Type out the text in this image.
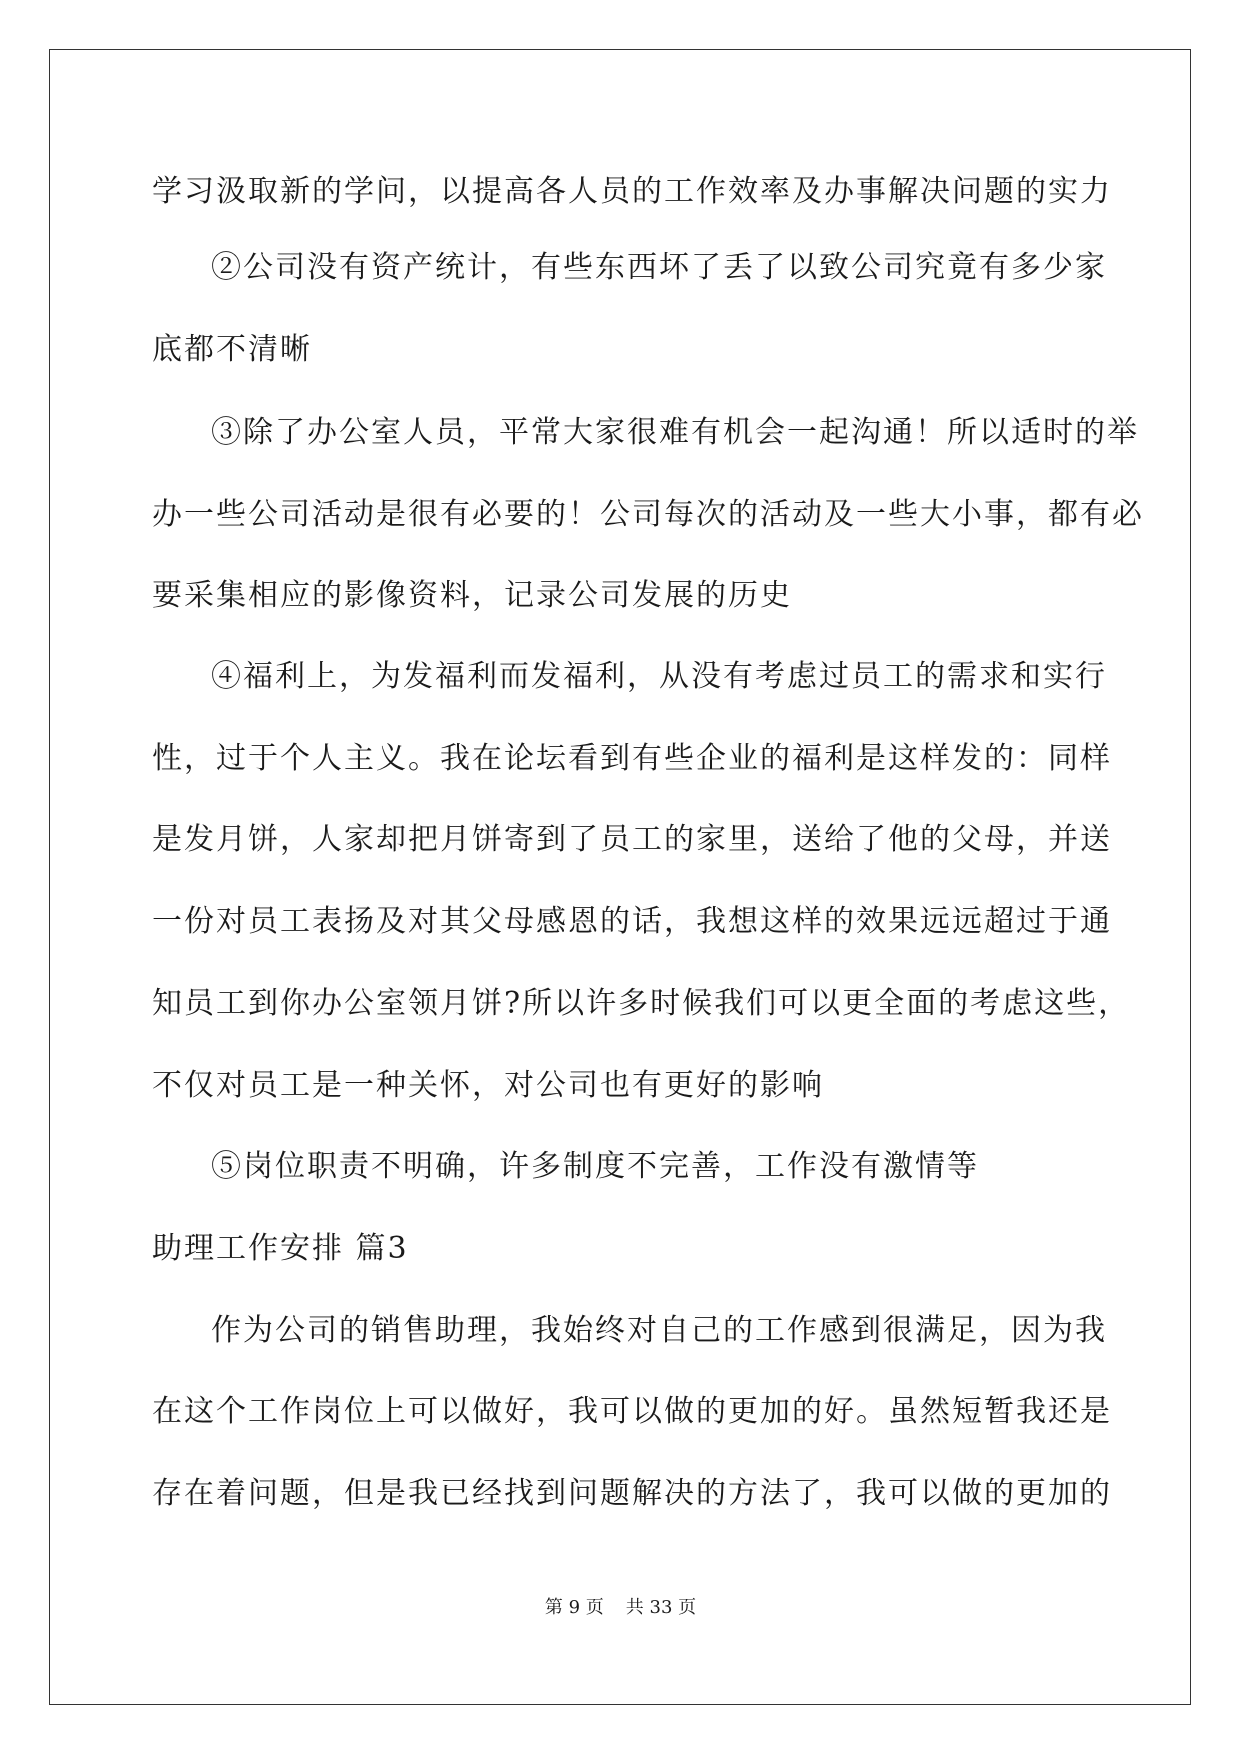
学习汲取新的学问，以提高各人员的工作效率及办事解决问题的实力
②公司没有资产统计，有些东西坏了丢了以致公司究竟有多少家
底都不清晰
③除了办公室人员，平常大家很难有机会一起沟通！所以适时的举
办一些公司活动是很有必要的！公司每次的活动及一些大小事，都有必
要采集相应的影像资料，记录公司发展的历史
④福利上，为发福利而发福利，从没有考虑过员工的需求和实行
性，过于个人主义。我在论坛看到有些企业的福利是这样发的：同样
是发月饼，人家却把月饼寄到了员工的家里，送给了他的父母，并送
一份对员工表扬及对其父母感恩的话，我想这样的效果远远超过于通
知员工到你办公室领月饼?所以许多时候我们可以更全面的考虑这些，
不仅对员工是一种关怀，对公司也有更好的影响
⑤岗位职责不明确，许多制度不完善，工作没有激情等
助理工作安排 篇3
作为公司的销售助理，我始终对自己的工作感到很满足，因为我
在这个工作岗位上可以做好，我可以做的更加的好。虽然短暂我还是
存在着问题，但是我已经找到问题解决的方法了，我可以做的更加的
第 9 页 共 33 页
